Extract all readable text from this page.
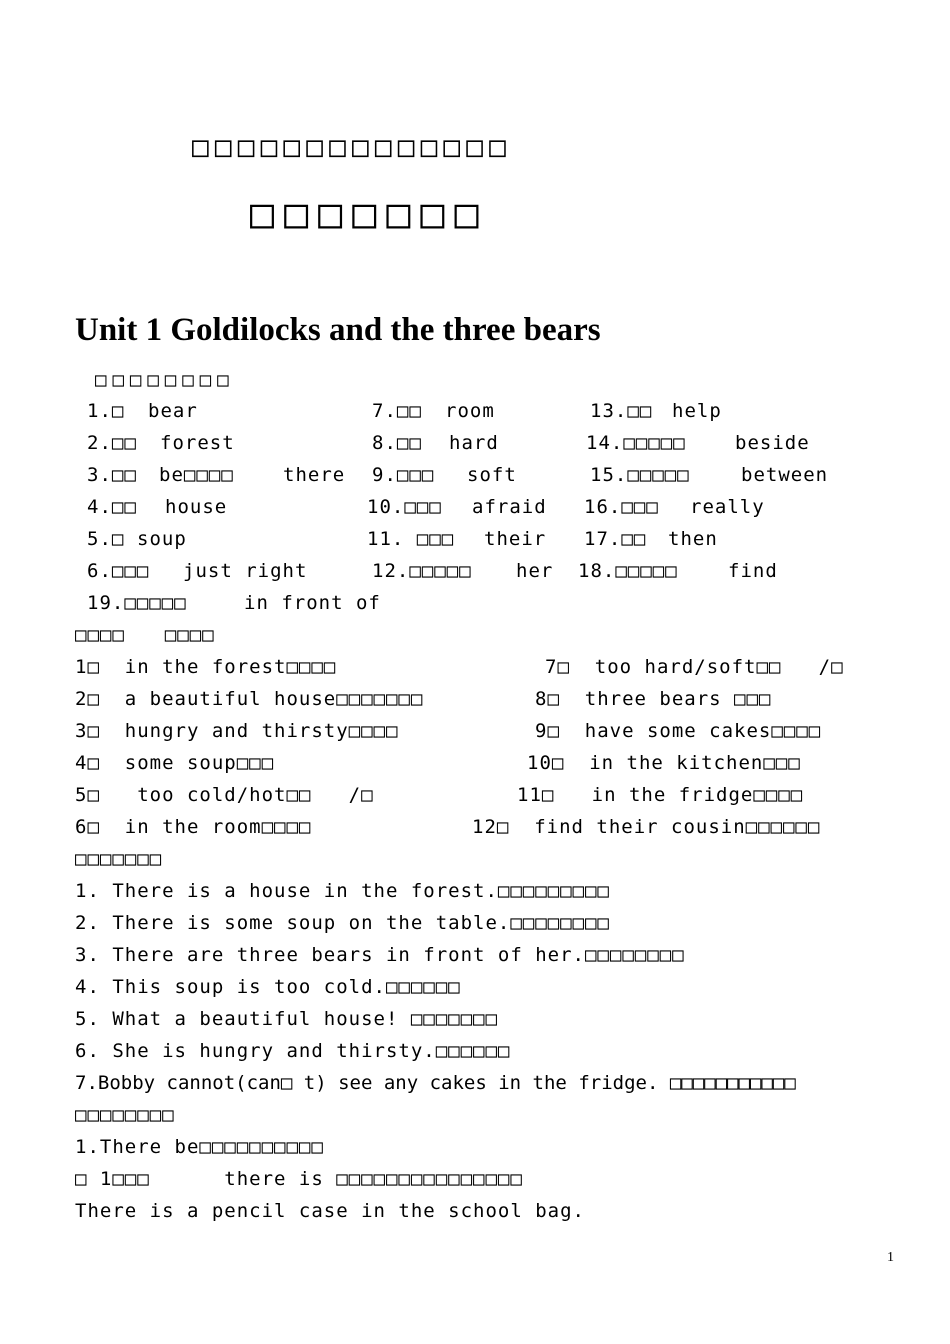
□□□□□□□□□□□□□□
□□□□□□□
Unit 1 Goldilocks and the three bears
□□□□□□□□
1.□ bear	7.□□ room	13.□□ help
2.□□ forest	8.□□ hard	14.□□□□□	beside
3.□□ be□□□□	there 9.□□□ soft	15.□□□□□	between
4.□□ house	10.□□□ afraid 16.□□□ really
5.□ soup	11. □□□ their 17.□□ then
6.□□□ just right	12.□□□□□ her 18.□□□□□	find
19.□□□□□	in front of
□□□□　　□□□□
1□  in the forest□□□□	7□  too hard/soft□□   /□
2□  a beautiful house□□□□□□□	8□  three bears □□□
3□  hungry and thirsty□□□□	9□  have some cakes□□□□
4□  some soup□□□	10□  in the kitchen□□□
5□   too cold/hot□□   /□	11□   in the fridge□□□□
6□  in the room□□□□	12□  find their cousin□□□□□□
□□□□□□□
1. There is a house in the forest.□□□□□□□□□
2. There is some soup on the table.□□□□□□□□
3. There are three bears in front of her.□□□□□□□□
4. This soup is too cold.□□□□□□
5. What a beautiful house! □□□□□□□
6. She is hungry and thirsty.□□□□□□
7.Bobby cannot(can□ t) see any cakes in the fridge. □□□□□□□□□□□
□□□□□□□□
1.There be□□□□□□□□□□
□ 1□□□      there is □□□□□□□□□□□□□□□
There is a pencil case in the school bag.
1
